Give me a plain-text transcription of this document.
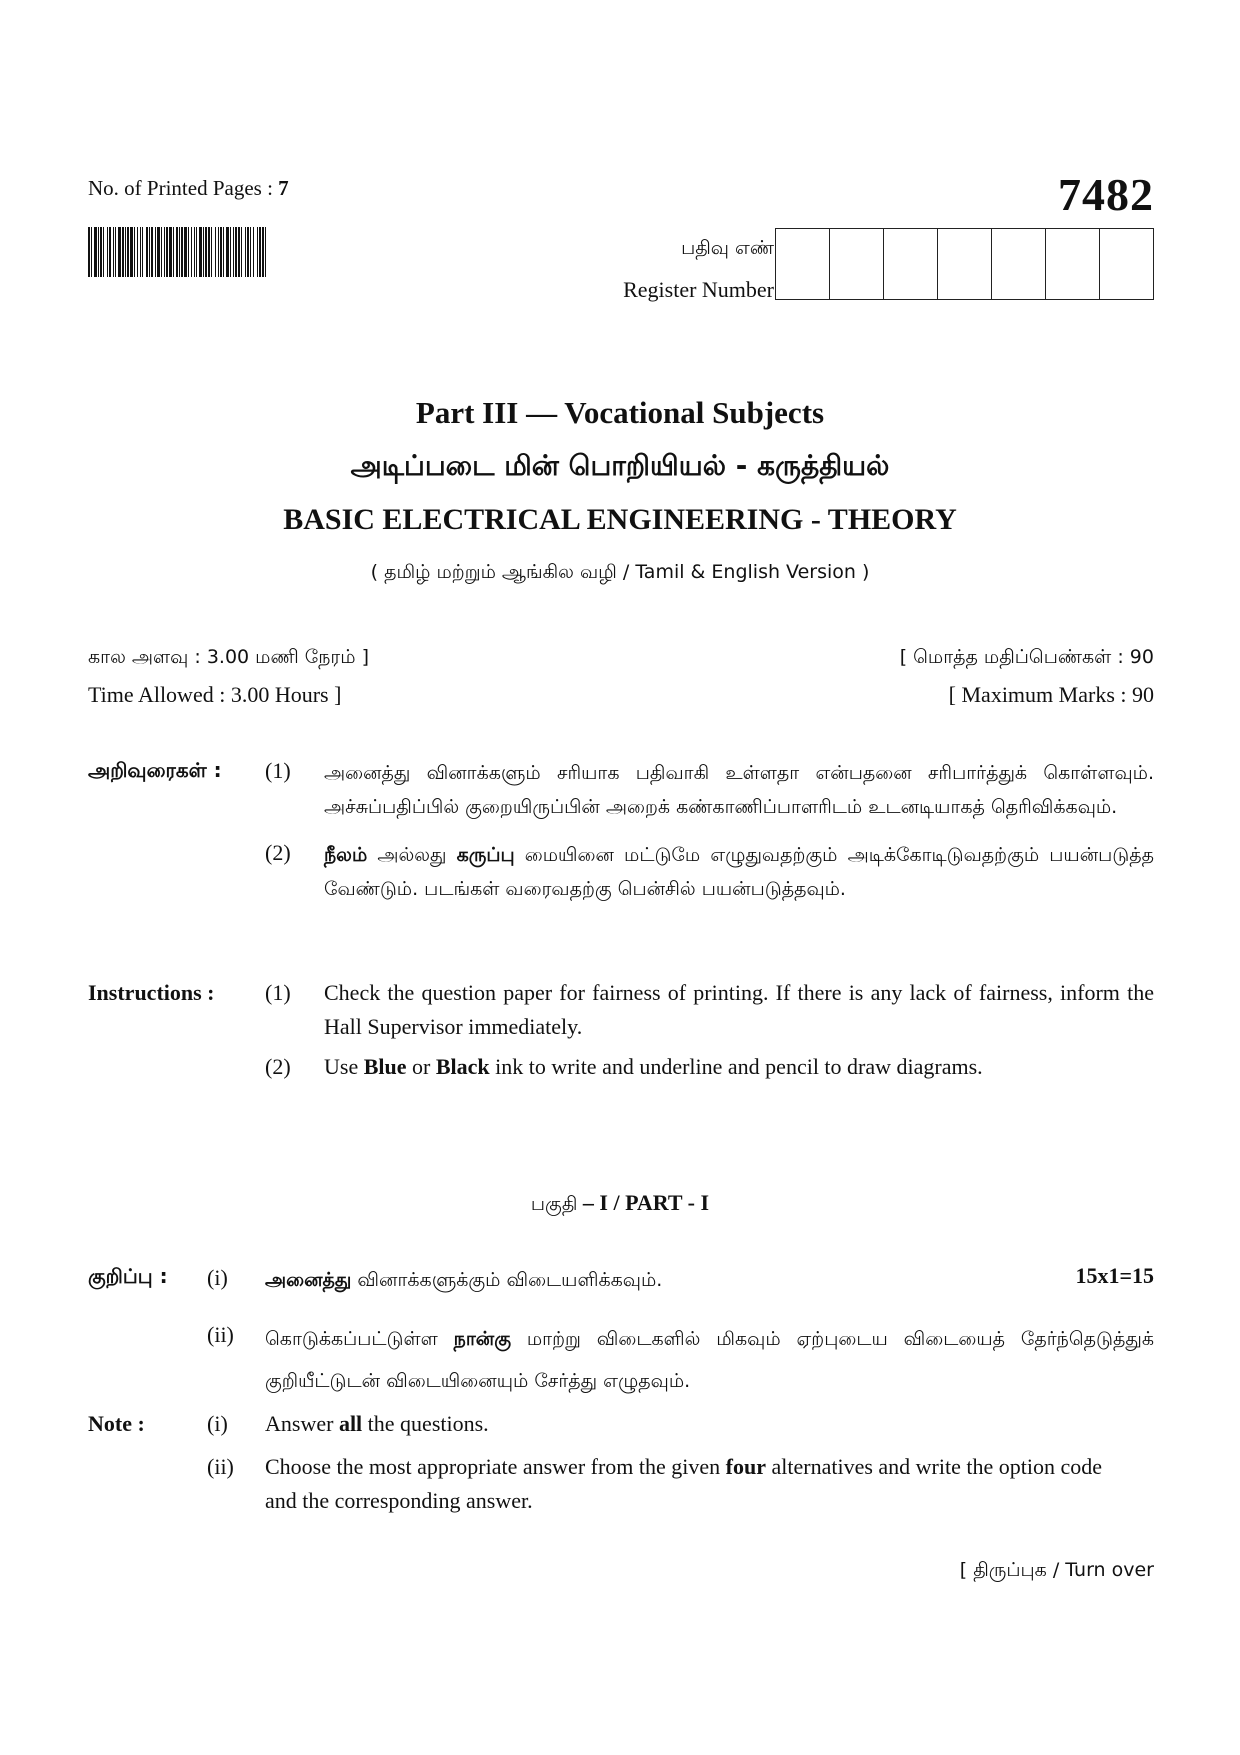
No. of Printed Pages : 7	7482
பதிவு எண்
Register Number
Part III — Vocational Subjects
அடிப்படை மின் பொறியியல் - கருத்தியல்
BASIC ELECTRICAL ENGINEERING - THEORY
( தமிழ் மற்றும் ஆங்கில வழி / Tamil & English Version )
கால அளவு : 3.00 மணி நேரம் ]	[ மொத்த மதிப்பெண்கள் : 90
Time Allowed : 3.00 Hours ]	[ Maximum Marks : 90
அறிவுரைகள் : (1) அனைத்து வினாக்களும் சரியாக பதிவாகி உள்ளதா என்பதனை சரிபார்த்துக் கொள்ளவும். அச்சுப்பதிப்பில் குறையிருப்பின் அறைக் கண்காணிப்பாளரிடம் உடனடியாகத் தெரிவிக்கவும்.
(2) நீலம் அல்லது கருப்பு மையினை மட்டுமே எழுதுவதற்கும் அடிக்கோடிடுவதற்கும் பயன்படுத்த வேண்டும். படங்கள் வரைவதற்கு பென்சில் பயன்படுத்தவும்.
Instructions : (1) Check the question paper for fairness of printing. If there is any lack of fairness, inform the Hall Supervisor immediately.
(2) Use Blue or Black ink to write and underline and pencil to draw diagrams.
பகுதி – I / PART - I
குறிப்பு : (i) அனைத்து வினாக்களுக்கும் விடையளிக்கவும்.	15x1=15
(ii) கொடுக்கப்பட்டுள்ள நான்கு மாற்று விடைகளில் மிகவும் ஏற்புடைய விடையைத் தேர்ந்தெடுத்துக் குறியீட்டுடன் விடையினையும் சேர்த்து எழுதவும்.
Note :	(i) Answer all the questions.
(ii) Choose the most appropriate answer from the given four alternatives and write the option code and the corresponding answer.
[ திருப்புக / Turn over
